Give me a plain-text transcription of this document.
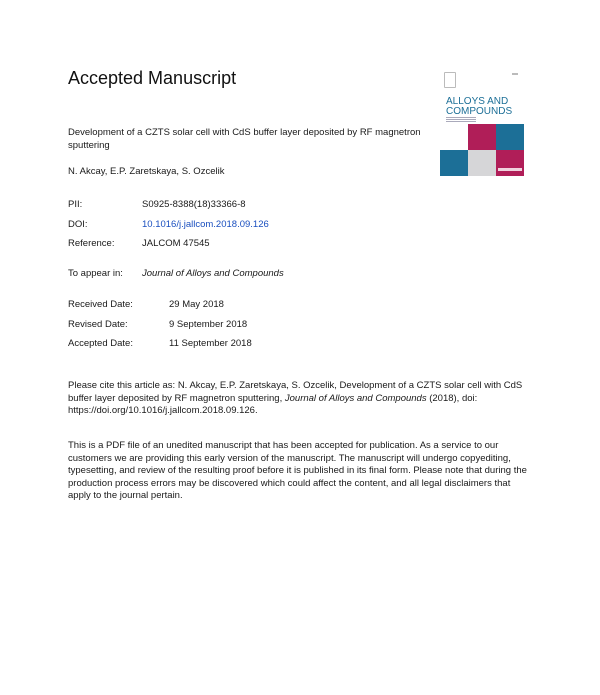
Accepted Manuscript
ALLOYS AND
COMPOUNDS

Development of a CZTS solar cell with CdS buffer layer deposited by RF magnetron sputtering

N. Akcay, E.P. Zaretskaya, S. Ozcelik
PII:	S0925-8388(18)33366-8
DOI:	10.1016/j.jallcom.2018.09.126
Reference:	JALCOM 47545
To appear in: Journal of Alloys and Compounds
Received Date:	29 May 2018
Revised Date:	9 September 2018
Accepted Date:	11 September 2018

Please cite this article as: N. Akcay, E.P. Zaretskaya, S. Ozcelik, Development of a CZTS solar cell with CdS buffer layer deposited by RF magnetron sputtering, Journal of Alloys and Compounds (2018), doi: https://doi.org/10.1016/j.jallcom.2018.09.126.

This is a PDF file of an unedited manuscript that has been accepted for publication. As a service to our customers we are providing this early version of the manuscript. The manuscript will undergo copyediting, typesetting, and review of the resulting proof before it is published in its final form. Please note that during the production process errors may be discovered which could affect the content, and all legal disclaimers that apply to the journal pertain.
